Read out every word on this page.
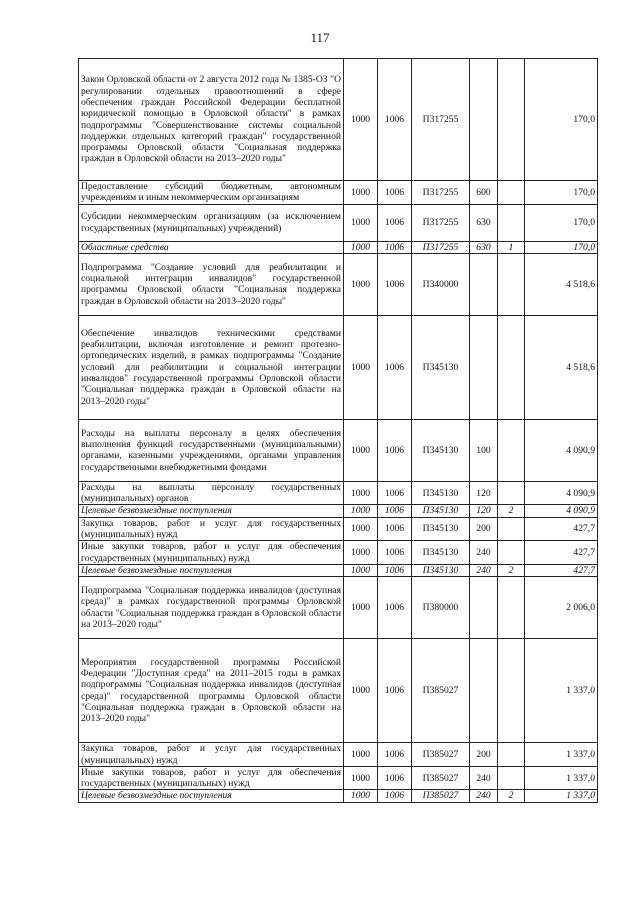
117
Закон Орловской области от 2 августа 2012 года № 1385-ОЗ "О регулировании отдельных правоотношений в сфере обеспечения граждан Российской Федерации бесплатной юридической помощью в Орловской области" в рамках подпрограммы "Совершенствование системы социальной поддержки отдельных категорий граждан" государственной программы Орловской области "Социальная поддержка граждан в Орловской области на 2013–2020 годы"	1000	1006	П317255			170,0
Предоставление субсидий бюджетным, автономным учреждениям и иным некоммерческим организациям	1000	1006	П317255	600		170,0
Субсидии некоммерческим организациям (за исключением государственных (муниципальных) учреждений)	1000	1006	П317255	630		170,0
Областные средства	1000	1006	П317255	630	1	170,0
Подпрограмма "Создание условий для реабилитации и социальной интеграции инвалидов" государственной программы Орловской области "Социальная поддержка граждан в Орловской области на 2013–2020 годы"	1000	1006	П340000			4 518,6
Обеспечение инвалидов техническими средствами реабилитации, включая изготовление и ремонт протезно-ортопедических изделий, в рамках подпрограммы "Создание условий для реабилитации и социальной интеграции инвалидов" государственной программы Орловской области "Социальная поддержка граждан в Орловской области на 2013–2020 годы"	1000	1006	П345130			4 518,6
Расходы на выплаты персоналу в целях обеспечения выполнения функций государственными (муниципальными) органами, казенными учреждениями, органами управления государственными внебюджетными фондами	1000	1006	П345130	100		4 090,9
Расходы на выплаты персоналу государственных (муниципальных) органов	1000	1006	П345130	120		4 090,9
Целевые безвозмездные поступления	1000	1006	П345130	120	2	4 090,9
Закупка товаров, работ и услуг для государственных (муниципальных) нужд	1000	1006	П345130	200		427,7
Иные закупки товаров, работ и услуг для обеспечения государственных (муниципальных) нужд	1000	1006	П345130	240		427,7
Целевые безвозмездные поступления	1000	1006	П345130	240	2	427,7
Подпрограмма "Социальная поддержка инвалидов (доступная среда)" в рамках государственной программы Орловской области "Социальная поддержка граждан в Орловской области на 2013–2020 годы"	1000	1006	П380000			2 006,0
Мероприятия государственной программы Российской Федерации "Доступная среда" на 2011–2015 годы в рамках подпрограммы "Социальная поддержка инвалидов (доступная среда)" государственной программы Орловской области "Социальная поддержка граждан в Орловской области на 2013–2020 годы"	1000	1006	П385027			1 337,0
Закупка товаров, работ и услуг для государственных (муниципальных) нужд	1000	1006	П385027	200		1 337,0
Иные закупки товаров, работ и услуг для обеспечения государственных (муниципальных) нужд	1000	1006	П385027	240		1 337,0
Целевые безвозмездные поступления	1000	1006	П385027	240	2	1 337,0
